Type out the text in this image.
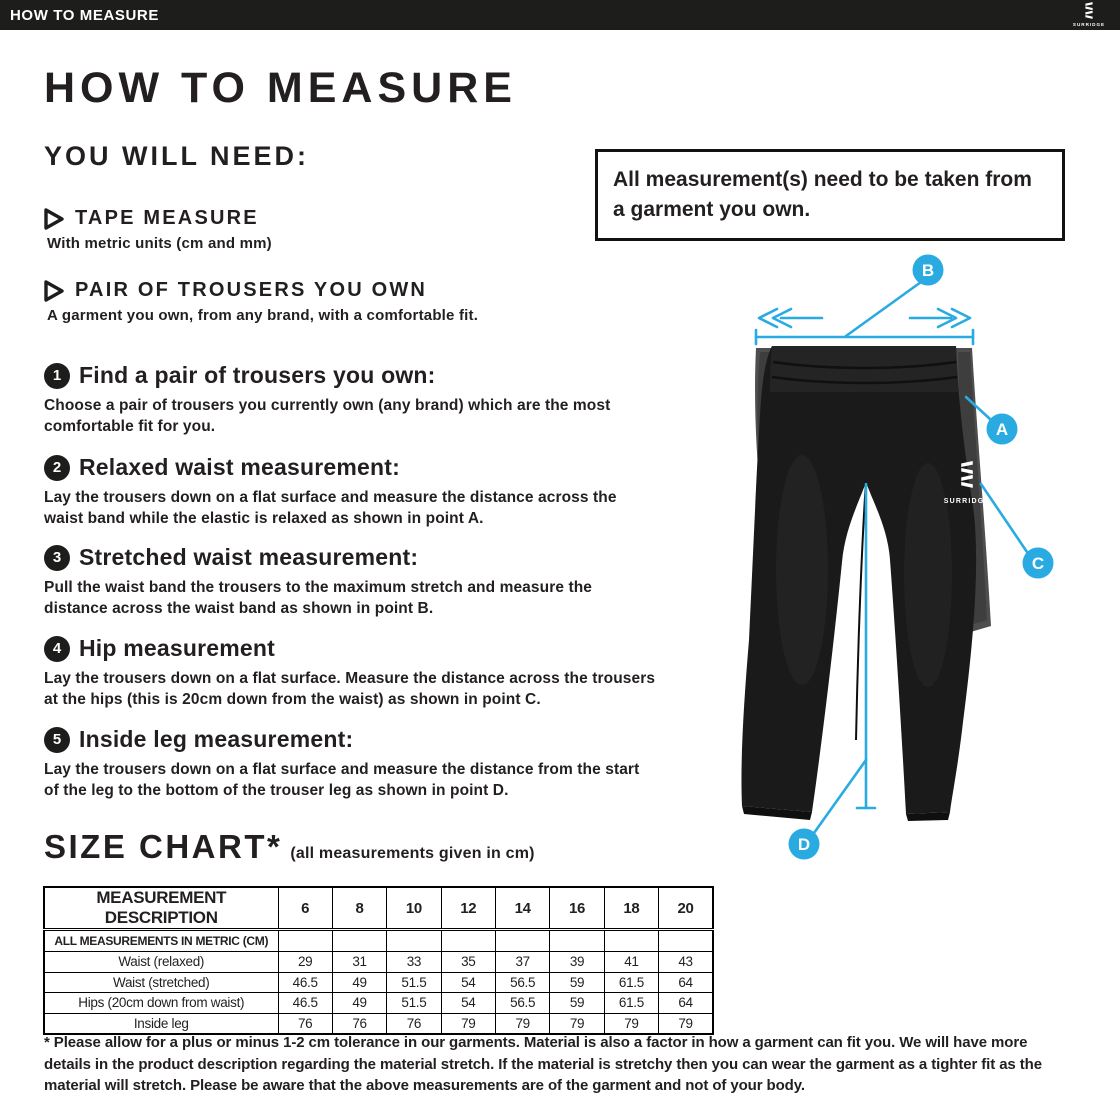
HOW TO MEASURE
SURRIDGE
HOW TO MEASURE
YOU WILL NEED:
TAPE MEASURE
With metric units (cm and mm)
PAIR OF TROUSERS YOU OWN
A garment you own, from any brand, with a comfortable fit.
All measurement(s) need to be taken from a garment you own.
1 Find a pair of trousers you own:

Choose a pair of trousers you currently own (any brand) which are the most comfortable fit for you.

2 Relaxed waist measurement:

Lay the trousers down on a flat surface and measure the distance across the waist band while the elastic is relaxed as shown in point A.

3 Stretched waist measurement:

Pull the waist band the trousers to the maximum stretch and measure the distance across the waist band as shown in point B.

4 Hip measurement

Lay the trousers down on a flat surface. Measure the distance across the trousers at the hips (this is 20cm down from the waist) as shown in point C.

5 Inside leg measurement:

Lay the trousers down on a flat surface and measure the distance from the start of the leg to the bottom of the trouser leg as shown in point D.

SIZE CHART* (all measurements given in cm)
MEASUREMENT DESCRIPTION	6	8	10	12	14	16	18	20
ALL MEASUREMENTS IN METRIC (CM)								
Waist (relaxed)	29	31	33	35	37	39	41	43
Waist (stretched)	46.5	49	51.5	54	56.5	59	61.5	64
Hips (20cm down from waist)	46.5	49	51.5	54	56.5	59	61.5	64
Inside leg	76	76	76	79	79	79	79	79
* Please allow for a plus or minus 1-2 cm tolerance in our garments. Material is also a factor in how a garment can fit you. We will have more details in the product description regarding the material stretch. If the material is stretchy then you can wear the garment as a tighter fit as the material will stretch. Please be aware that the above measurements are of the garment and not of your body.
SURRIDGE
B
A
C
D
